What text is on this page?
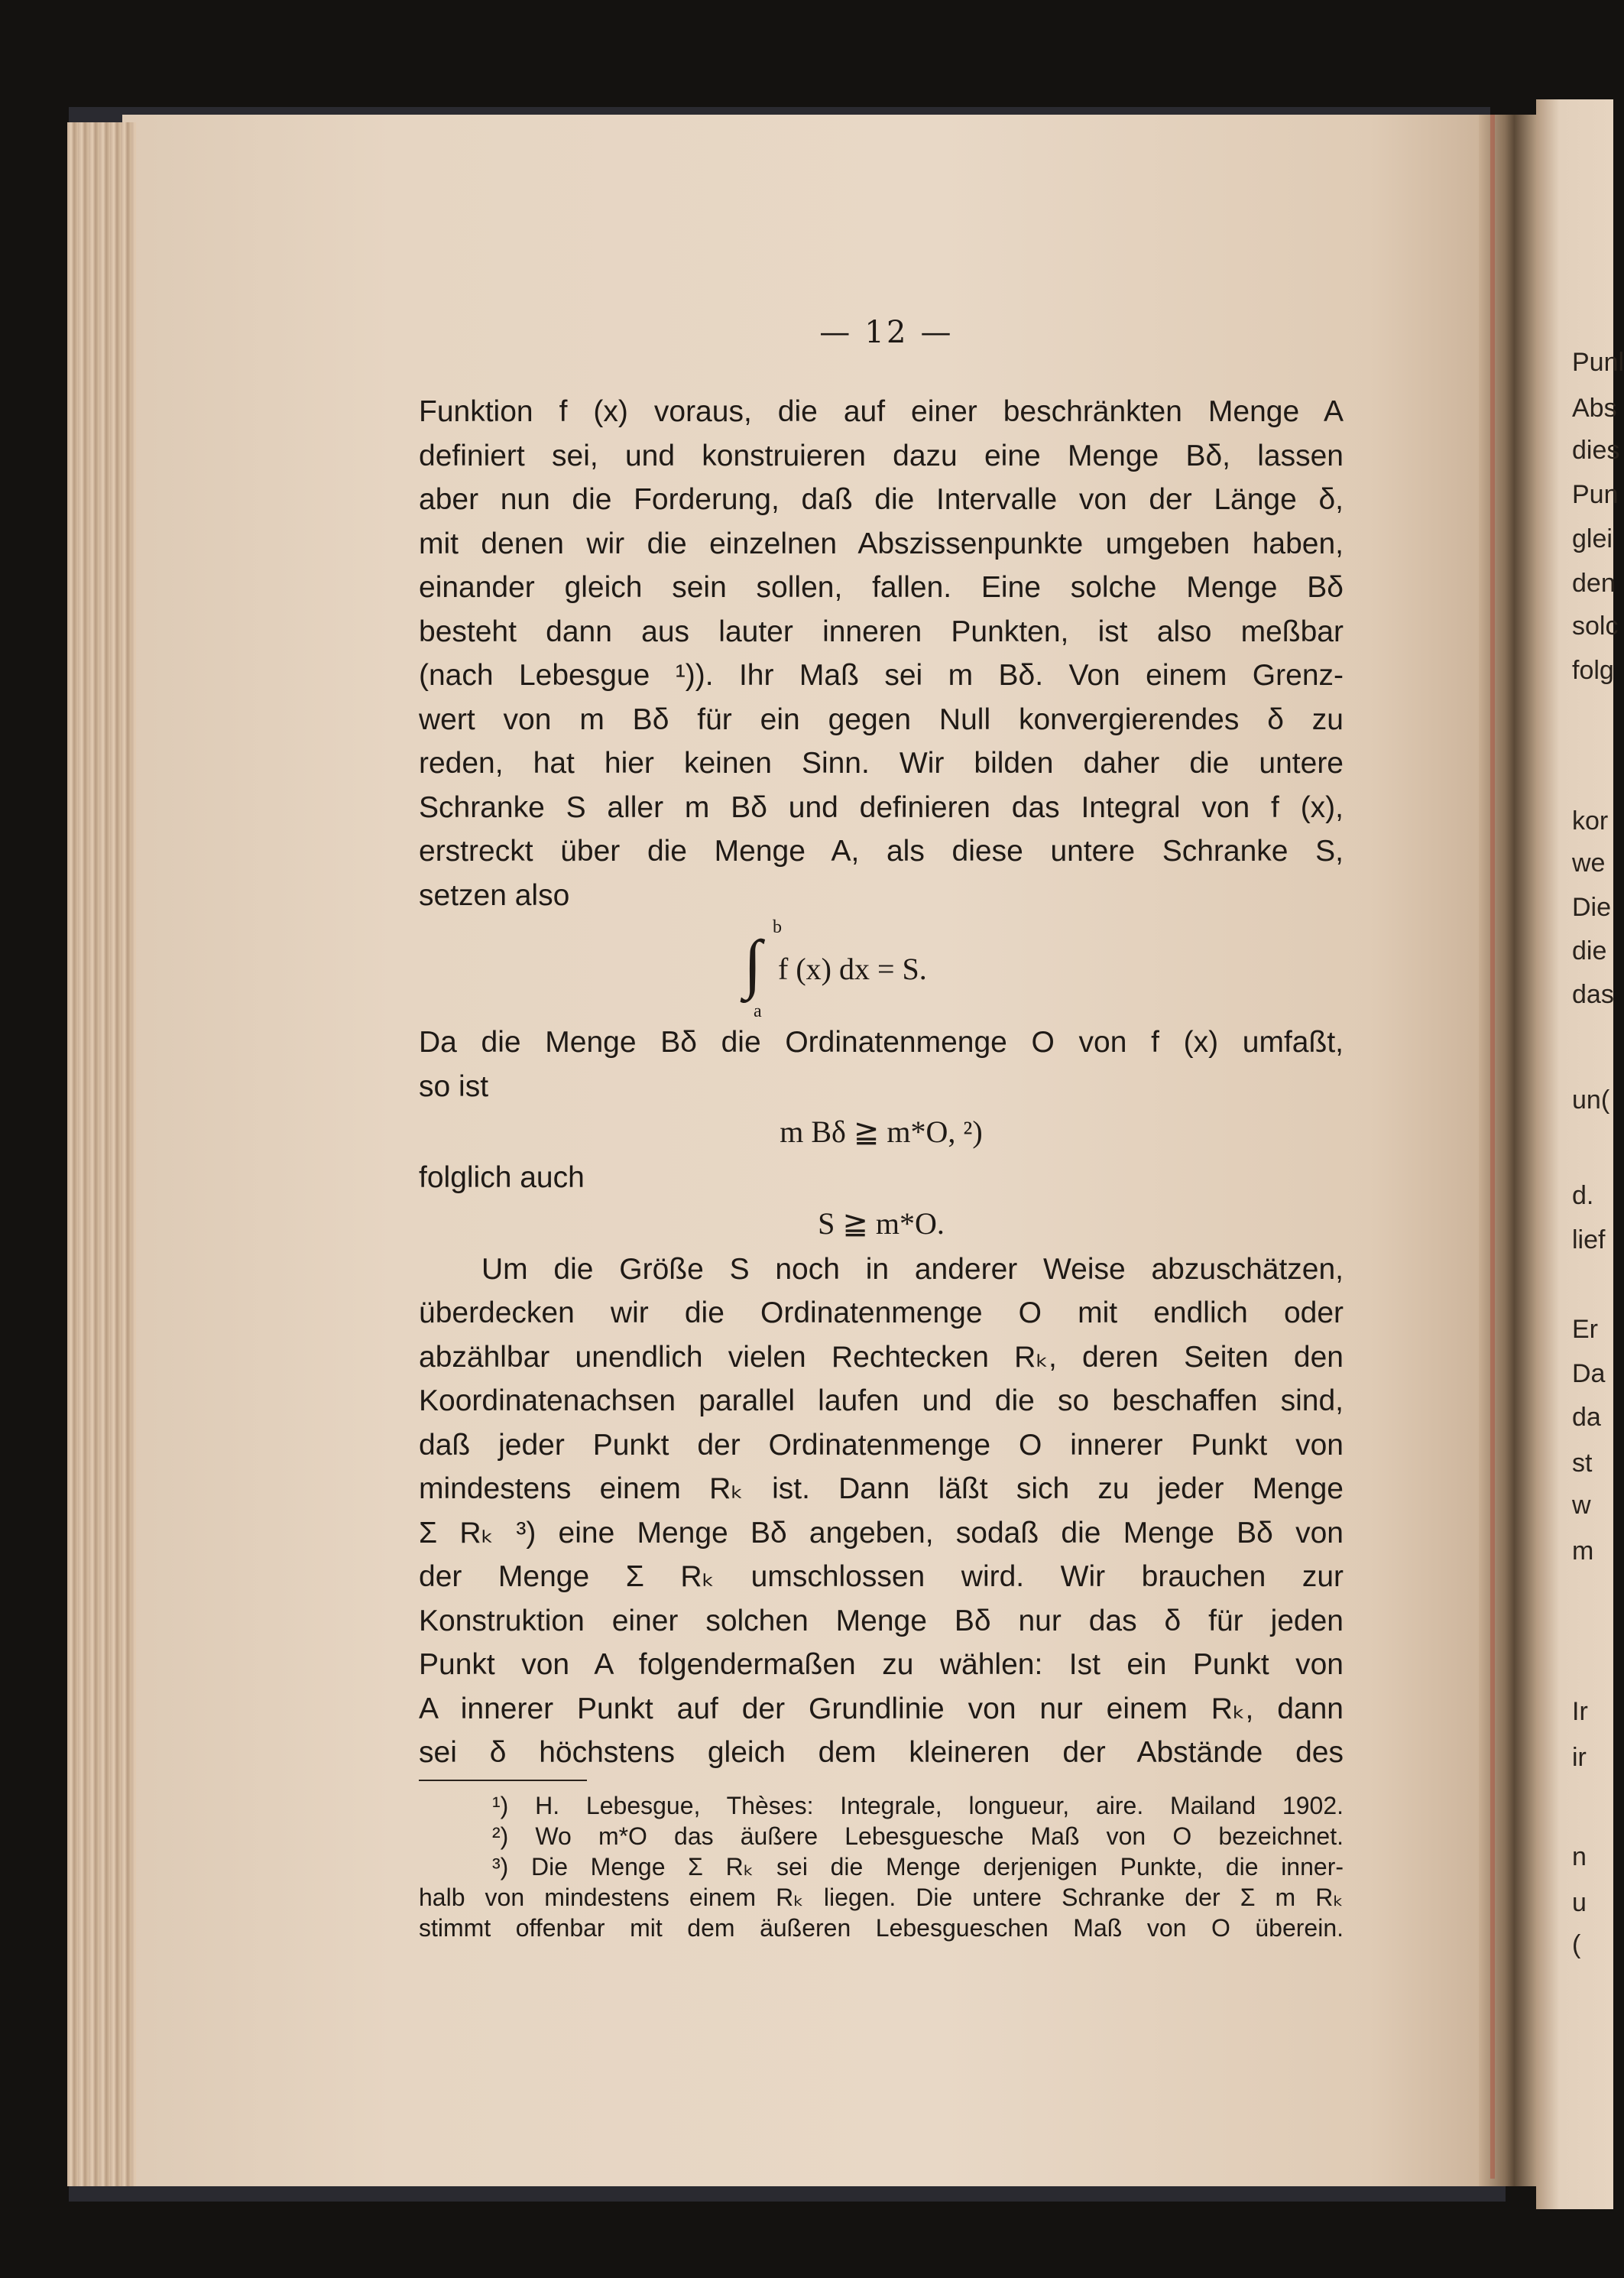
— 12 —
Funktion f (x) voraus, die auf einer beschränkten Menge A
definiert sei, und konstruieren dazu eine Menge Bδ, lassen
aber nun die Forderung, daß die Intervalle von der Länge δ,
mit denen wir die einzelnen Abszissenpunkte umgeben haben,
einander gleich sein sollen, fallen. Eine solche Menge Bδ
besteht dann aus lauter inneren Punkten, ist also meßbar
(nach Lebesgue ¹)). Ihr Maß sei m Bδ. Von einem Grenz-
wert von m Bδ für ein gegen Null konvergierendes δ zu
reden, hat hier keinen Sinn. Wir bilden daher die untere
Schranke S aller m Bδ und definieren das Integral von f (x),
erstreckt über die Menge A, als diese untere Schranke S,
setzen also
b
∫ f (x) dx = S.
a
Da die Menge Bδ die Ordinatenmenge O von f (x) umfaßt,
so ist
m Bδ ≧ m*O, ²)
folglich auch
S ≧ m*O.
Um die Größe S noch in anderer Weise abzuschätzen,
überdecken wir die Ordinatenmenge O mit endlich oder
abzählbar unendlich vielen Rechtecken Rₖ, deren Seiten den
Koordinatenachsen parallel laufen und die so beschaffen sind,
daß jeder Punkt der Ordinatenmenge O innerer Punkt von
mindestens einem Rₖ ist. Dann läßt sich zu jeder Menge
Σ Rₖ ³) eine Menge Bδ angeben, sodaß die Menge Bδ von
der Menge Σ Rₖ umschlossen wird. Wir brauchen zur
Konstruktion einer solchen Menge Bδ nur das δ für jeden
Punkt von A folgendermaßen zu wählen: Ist ein Punkt von
A innerer Punkt auf der Grundlinie von nur einem Rₖ, dann
sei δ höchstens gleich dem kleineren der Abstände des
¹) H. Lebesgue, Thèses: Integrale, longueur, aire. Mailand 1902.
²) Wo m*O das äußere Lebesguesche Maß von O bezeichnet.
³) Die Menge Σ Rₖ sei die Menge derjenigen Punkte, die inner-
halb von mindestens einem Rₖ liegen. Die untere Schranke der Σ m Rₖ
stimmt offenbar mit dem äußeren Lebesgueschen Maß von O überein.
Punl
Abs
dies
Pun
glei
den
solc
folg
kor
we
Die
die
das
un(
d.
lief
Er
Da
da
st
w
m
Ir
ir
n
u
(
